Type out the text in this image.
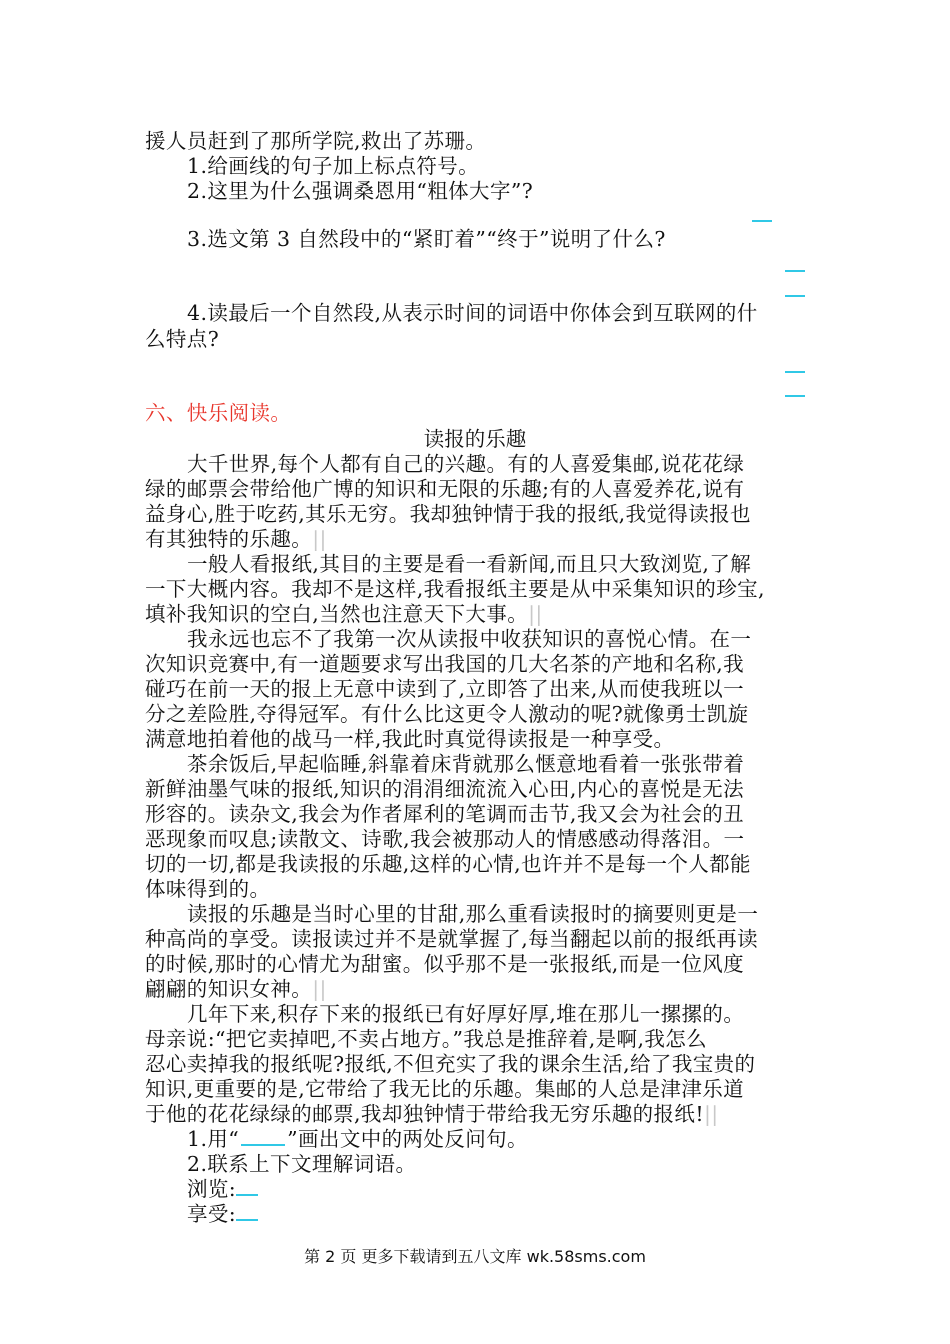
援人员赶到了那所学院,救出了苏珊。
1.给画线的句子加上标点符号。
2.这里为什么强调桑恩用“粗体大字”?
3.选文第 3 自然段中的“紧盯着”“终于”说明了什么?
4.读最后一个自然段,从表示时间的词语中你体会到互联网的什
么特点?
六、快乐阅读。
读报的乐趣
大千世界,每个人都有自己的兴趣。有的人喜爱集邮,说花花绿
绿的邮票会带给他广博的知识和无限的乐趣;有的人喜爱养花,说有
益身心,胜于吃药,其乐无穷。我却独钟情于我的报纸,我觉得读报也
有其独特的乐趣。||
一般人看报纸,其目的主要是看一看新闻,而且只大致浏览,了解
一下大概内容。我却不是这样,我看报纸主要是从中采集知识的珍宝,
填补我知识的空白,当然也注意天下大事。||
我永远也忘不了我第一次从读报中收获知识的喜悦心情。在一
次知识竞赛中,有一道题要求写出我国的几大名茶的产地和名称,我
碰巧在前一天的报上无意中读到了,立即答了出来,从而使我班以一
分之差险胜,夺得冠军。有什么比这更令人激动的呢?就像勇士凯旋
满意地拍着他的战马一样,我此时真觉得读报是一种享受。
茶余饭后,早起临睡,斜靠着床背就那么惬意地看着一张张带着
新鲜油墨气味的报纸,知识的涓涓细流流入心田,内心的喜悦是无法
形容的。读杂文,我会为作者犀利的笔调而击节,我又会为社会的丑
恶现象而叹息;读散文、诗歌,我会被那动人的情感感动得落泪。一
切的一切,都是我读报的乐趣,这样的心情,也许并不是每一个人都能
体味得到的。
读报的乐趣是当时心里的甘甜,那么重看读报时的摘要则更是一
种高尚的享受。读报读过并不是就掌握了,每当翻起以前的报纸再读
的时候,那时的心情尤为甜蜜。似乎那不是一张报纸,而是一位风度
翩翩的知识女神。||
几年下来,积存下来的报纸已有好厚好厚,堆在那儿一摞摞的。
母亲说:“把它卖掉吧,不卖占地方。”我总是推辞着,是啊,我怎么
忍心卖掉我的报纸呢?报纸,不但充实了我的课余生活,给了我宝贵的
知识,更重要的是,它带给了我无比的乐趣。集邮的人总是津津乐道
于他的花花绿绿的邮票,我却独钟情于带给我无穷乐趣的报纸!||
1.用“ ”画出文中的两处反问句。
2.联系上下文理解词语。
浏览:
享受:
第 2 页 更多下载请到五八文库 wk.58sms.com
